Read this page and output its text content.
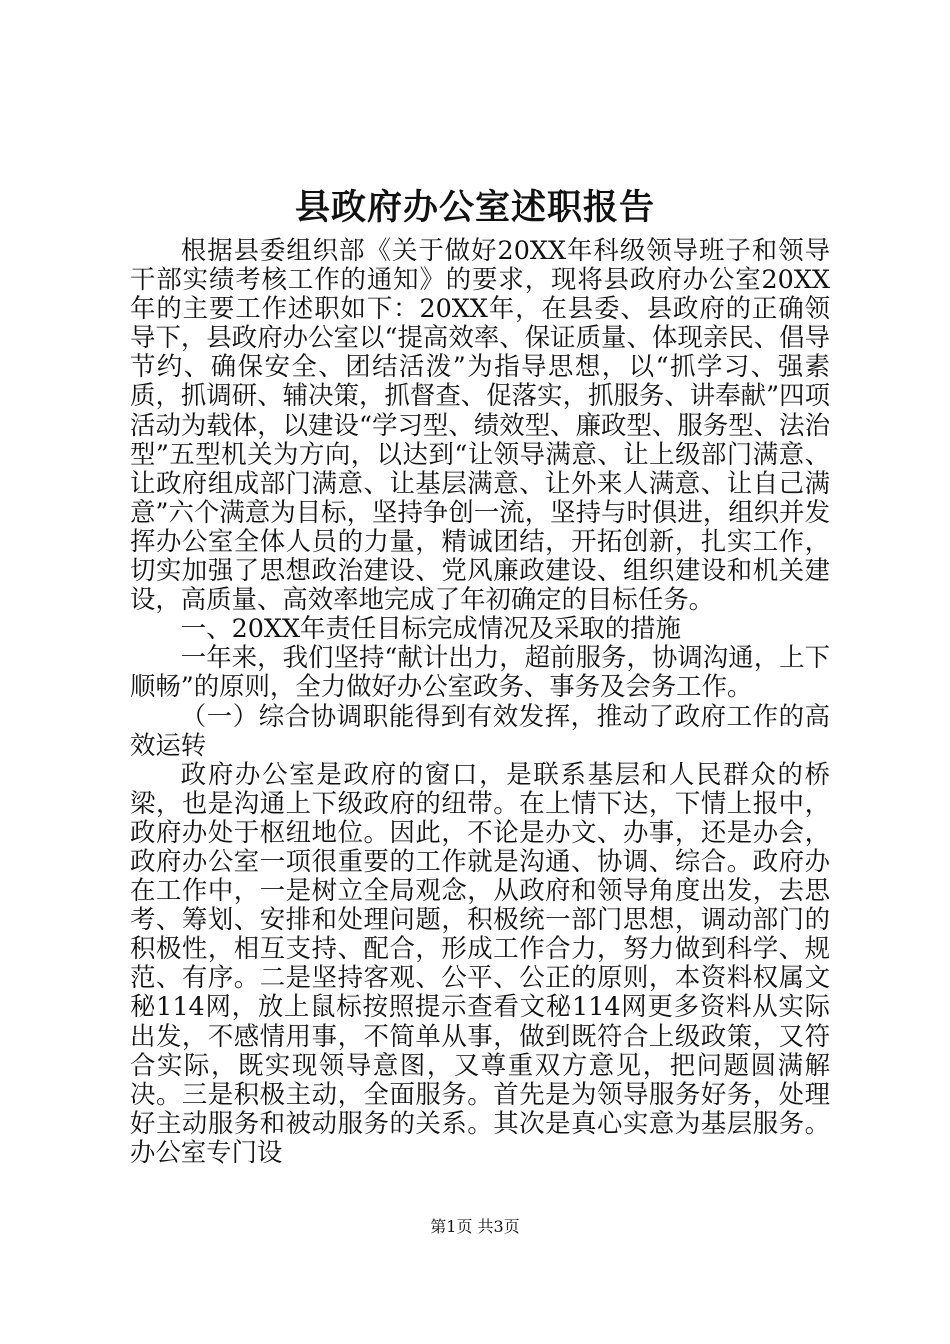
县政府办公室述职报告

根据县委组织部《关于做好20XX年科级领导班子和领导干部实绩考核工作的通知》的要求，现将县政府办公室20XX年的主要工作述职如下：20XX年，在县委、县政府的正确领导下，县政府办公室以“提高效率、保证质量、体现亲民、倡导节约、确保安全、团结活泼”为指导思想，以“抓学习、强素质，抓调研、辅决策，抓督查、促落实，抓服务、讲奉献”四项活动为载体，以建设“学习型、绩效型、廉政型、服务型、法治型”五型机关为方向，以达到“让领导满意、让上级部门满意、让政府组成部门满意、让基层满意、让外来人满意、让自己满意”六个满意为目标，坚持争创一流，坚持与时俱进，组织并发挥办公室全体人员的力量，精诚团结，开拓创新，扎实工作，切实加强了思想政治建设、党风廉政建设、组织建设和机关建设，高质量、高效率地完成了年初确定的目标任务。

一、20XX年责任目标完成情况及采取的措施

一年来，我们坚持“献计出力，超前服务，协调沟通，上下顺畅”的原则，全力做好办公室政务、事务及会务工作。

（一）综合协调职能得到有效发挥，推动了政府工作的高效运转

政府办公室是政府的窗口，是联系基层和人民群众的桥梁，也是沟通上下级政府的纽带。在上情下达，下情上报中，政府办处于枢纽地位。因此，不论是办文、办事，还是办会，政府办公室一项很重要的工作就是沟通、协调、综合。政府办在工作中，一是树立全局观念，从政府和领导角度出发，去思考、筹划、安排和处理问题，积极统一部门思想，调动部门的积极性，相互支持、配合，形成工作合力，努力做到科学、规范、有序。二是坚持客观、公平、公正的原则，本资料权属文秘114网，放上鼠标按照提示查看文秘114网更多资料从实际出发，不感情用事，不简单从事，做到既符合上级政策，又符合实际，既实现领导意图，又尊重双方意见，把问题圆满解决。三是积极主动，全面服务。首先是为领导服务好务，处理好主动服务和被动服务的关系。其次是真心实意为基层服务。办公室专门设

第1页 共3页
